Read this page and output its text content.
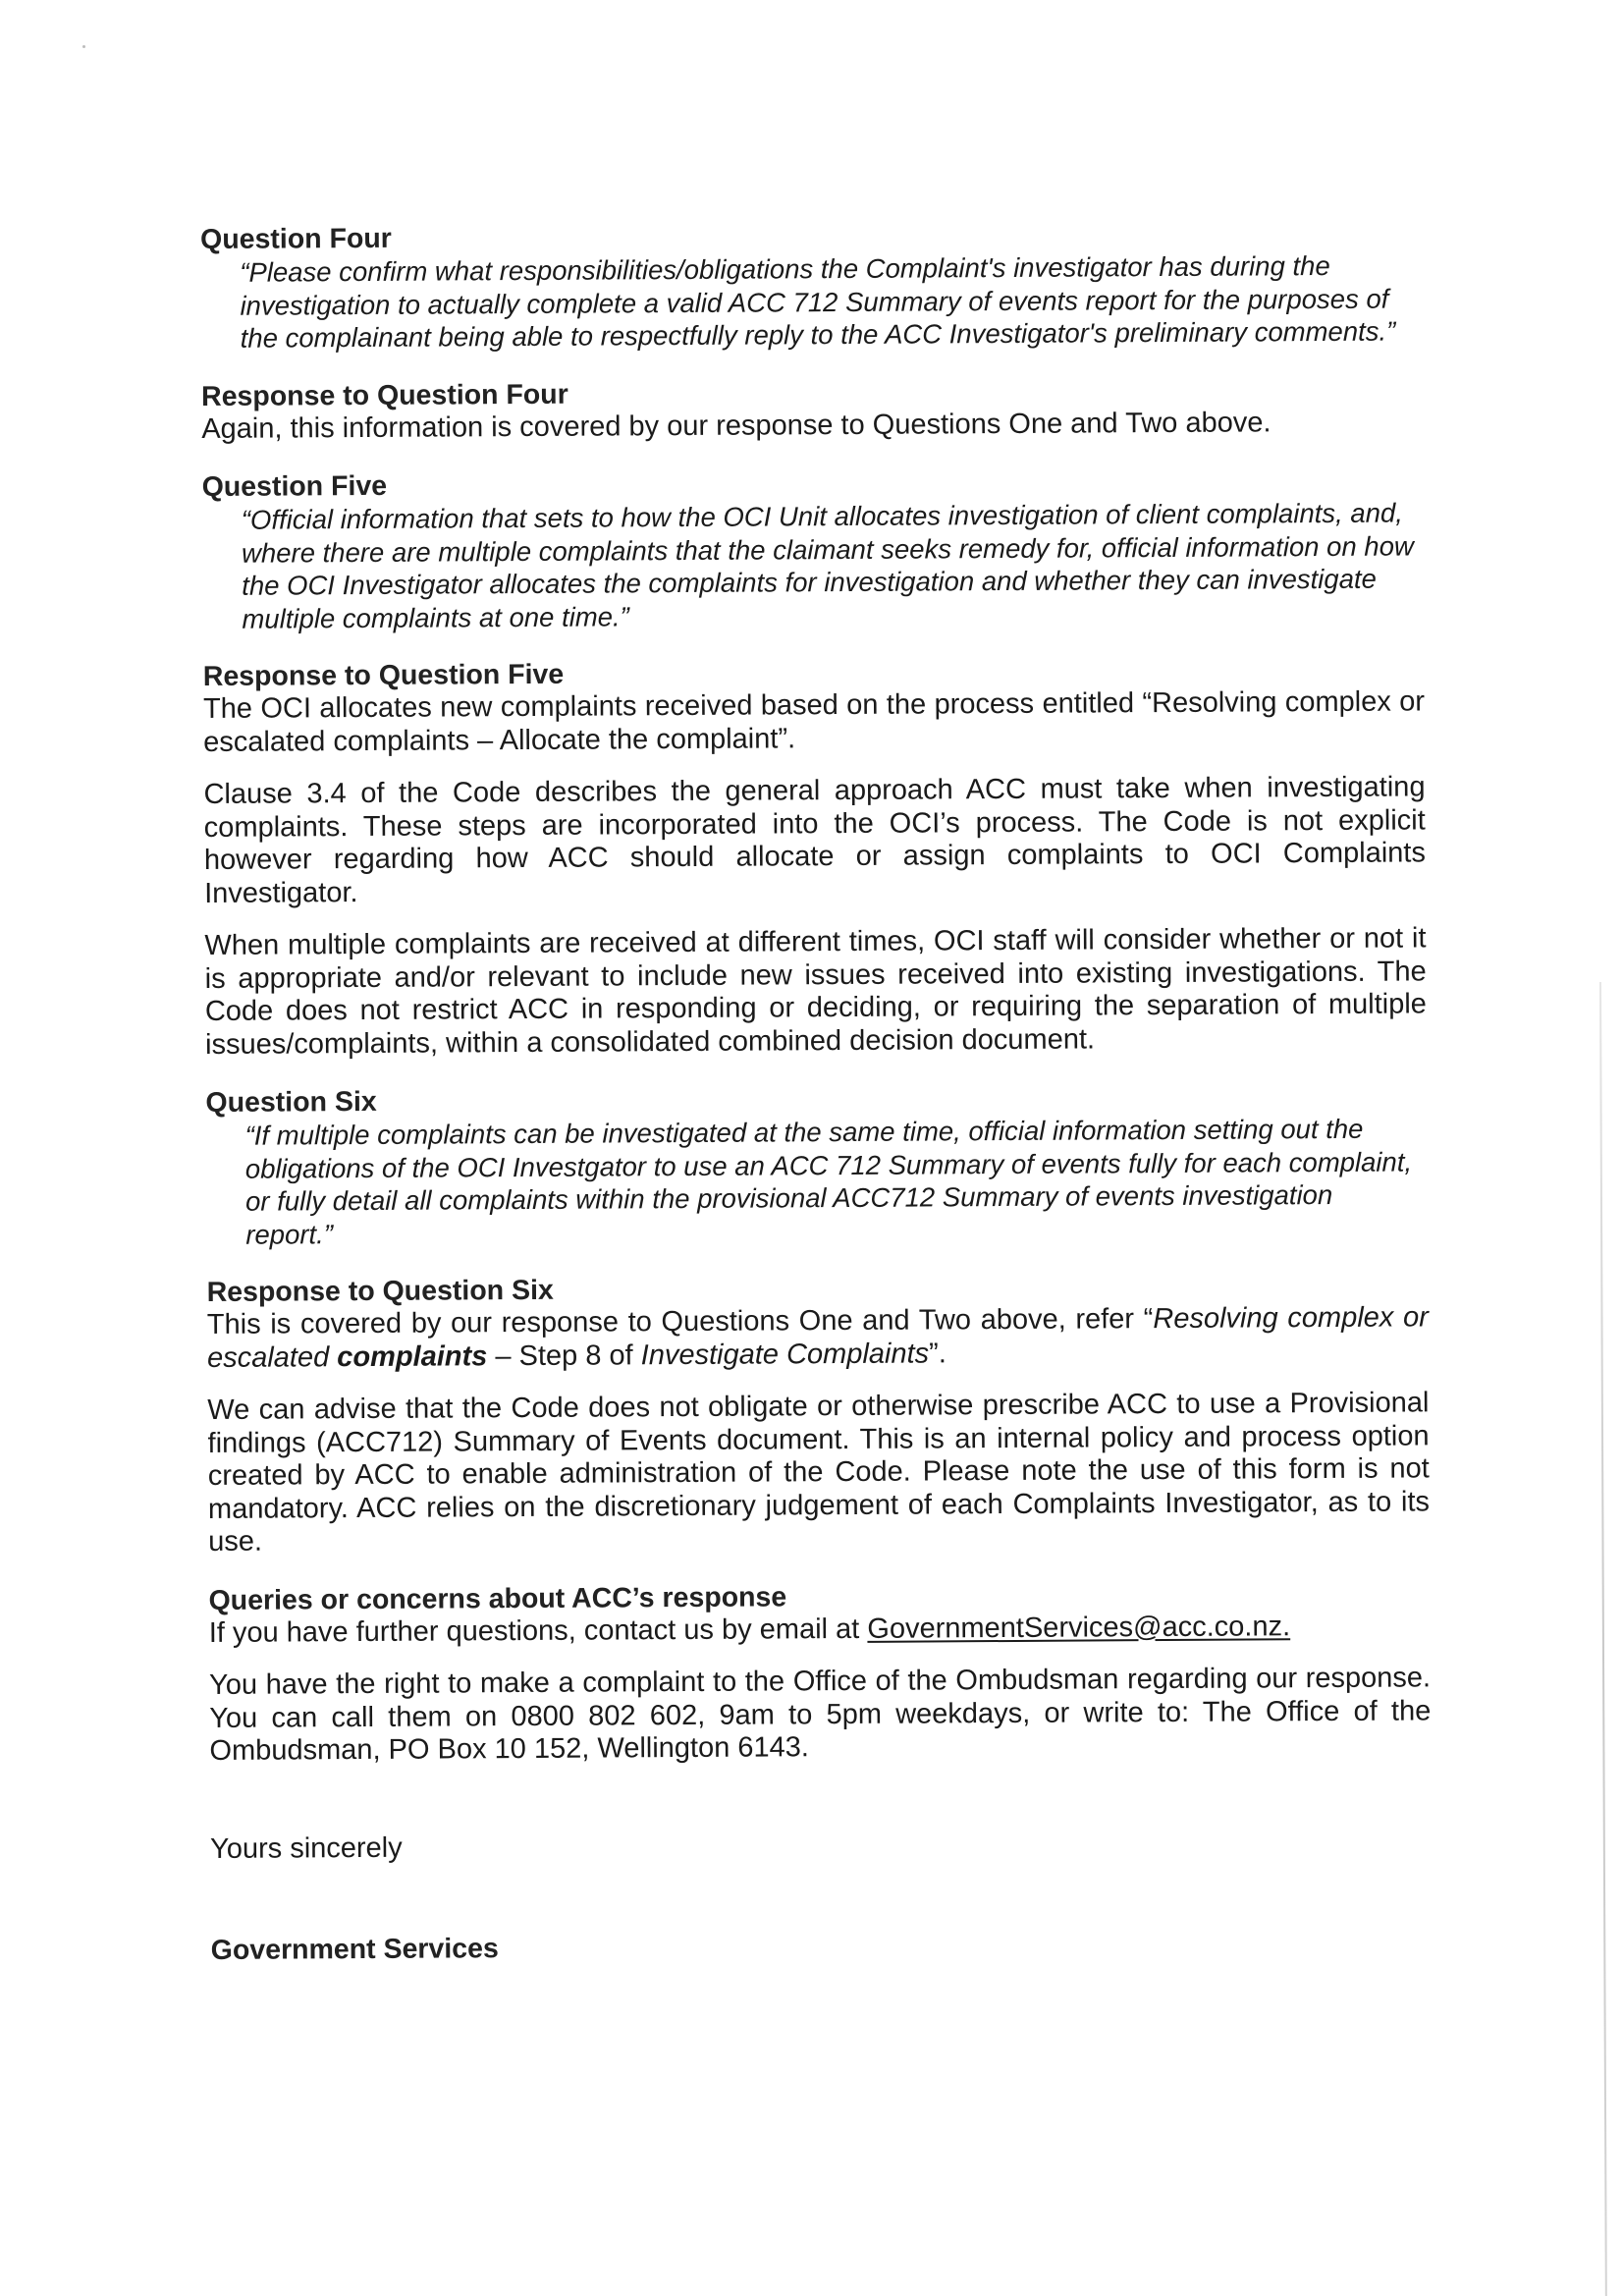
Question Four

“Please confirm what responsibilities/obligations the Complaint's investigator has during the investigation to actually complete a valid ACC 712 Summary of events report for the purposes of the complainant being able to respectfully reply to the ACC Investigator's preliminary comments.”

Response to Question Four

Again, this information is covered by our response to Questions One and Two above.

Question Five

“Official information that sets to how the OCI Unit allocates investigation of client complaints, and, where there are multiple complaints that the claimant seeks remedy for, official information on how the OCI Investigator allocates the complaints for investigation and whether they can investigate multiple complaints at one time.”

Response to Question Five

The OCI allocates new complaints received based on the process entitled “Resolving complex or escalated complaints – Allocate the complaint”.

Clause 3.4 of the Code describes the general approach ACC must take when investigating complaints. These steps are incorporated into the OCI’s process. The Code is not explicit however regarding how ACC should allocate or assign complaints to OCI Complaints Investigator.

When multiple complaints are received at different times, OCI staff will consider whether or not it is appropriate and/or relevant to include new issues received into existing investigations. The Code does not restrict ACC in responding or deciding, or requiring the separation of multiple issues/complaints, within a consolidated combined decision document.

Question Six

“If multiple complaints can be investigated at the same time, official information setting out the obligations of the OCI Investgator to use an ACC 712 Summary of events fully for each complaint, or fully detail all complaints within the provisional ACC712 Summary of events investigation report.”

Response to Question Six

This is covered by our response to Questions One and Two above, refer “Resolving complex or escalated complaints – Step 8 of Investigate Complaints”.

We can advise that the Code does not obligate or otherwise prescribe ACC to use a Provisional findings (ACC712) Summary of Events document. This is an internal policy and process option created by ACC to enable administration of the Code. Please note the use of this form is not mandatory. ACC relies on the discretionary judgement of each Complaints Investigator, as to its use.

Queries or concerns about ACC’s response

If you have further questions, contact us by email at GovernmentServices@acc.co.nz.

You have the right to make a complaint to the Office of the Ombudsman regarding our response. You can call them on 0800 802 602, 9am to 5pm weekdays, or write to: The Office of the Ombudsman, PO Box 10 152, Wellington 6143.

Yours sincerely

Government Services
